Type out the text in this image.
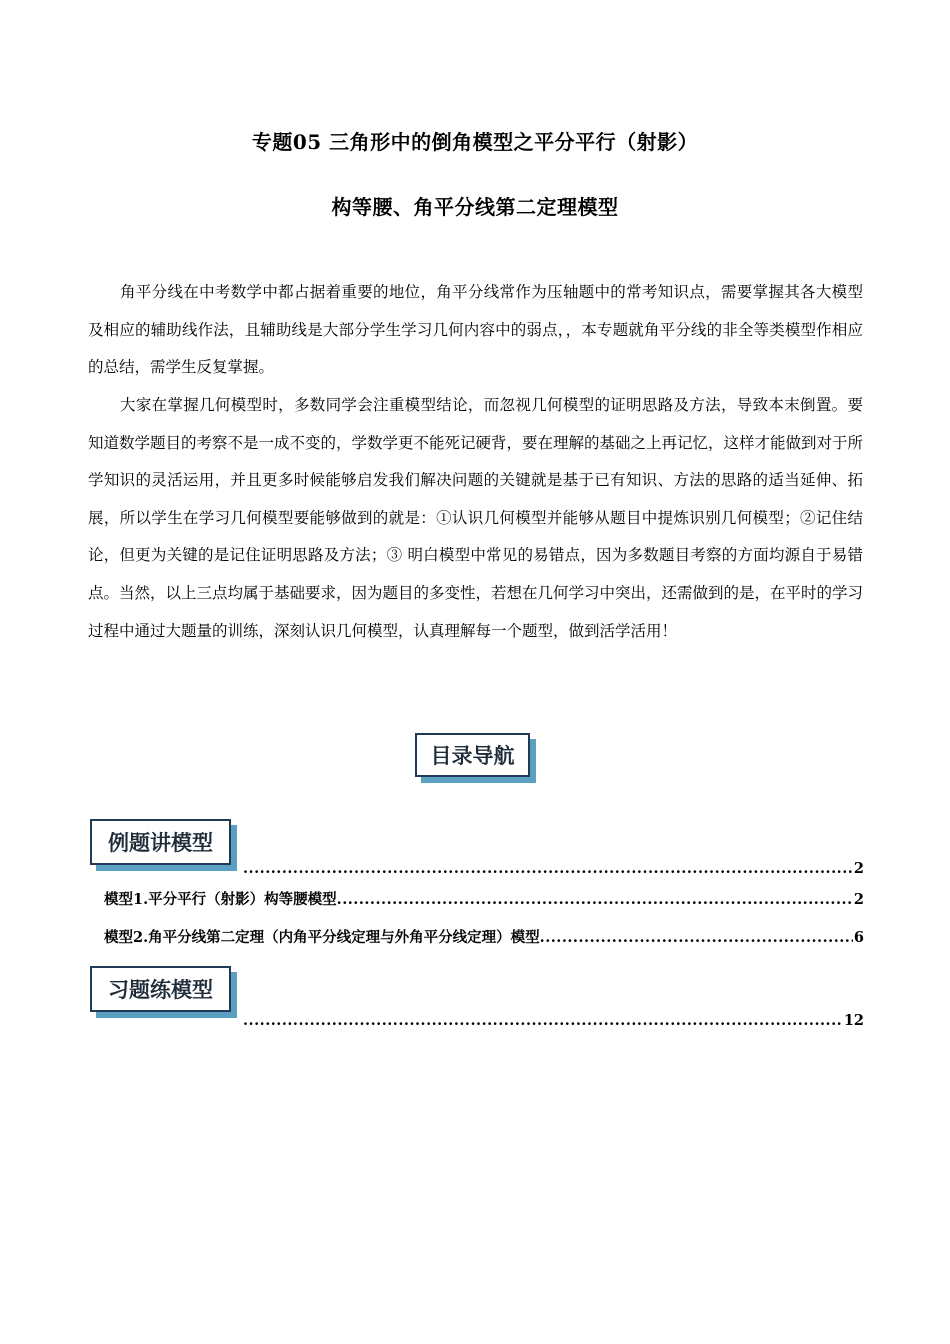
专题05 三角形中的倒角模型之平分平行（射影）
构等腰、角平分线第二定理模型

角平分线在中考数学中都占据着重要的地位，角平分线常作为压轴题中的常考知识点，需要掌握其各大模型及相应的辅助线作法，且辅助线是大部分学生学习几何内容中的弱点，，本专题就角平分线的非全等类模型作相应的总结，需学生反复掌握。

大家在掌握几何模型时，多数同学会注重模型结论，而忽视几何模型的证明思路及方法，导致本末倒置。要知道数学题目的考察不是一成不变的，学数学更不能死记硬背，要在理解的基础之上再记忆，这样才能做到对于所学知识的灵活运用，并且更多时候能够启发我们解决问题的关键就是基于已有知识、方法的思路的适当延伸、拓展，所以学生在学习几何模型要能够做到的就是：①认识几何模型并能够从题目中提炼识别几何模型；②记住结论，但更为关键的是记住证明思路及方法；③ 明白模型中常见的易错点，因为多数题目考察的方面均源自于易错点。当然，以上三点均属于基础要求，因为题目的多变性，若想在几何学习中突出，还需做到的是，在平时的学习过程中通过大题量的训练，深刻认识几何模型，认真理解每一个题型，做到活学活用！

目录导航
例题讲模型
.....
2
模型1.平分平行（射影）构等腰模型 .....	2
模型2.角平分线第二定理（内角平分线定理与外角平分线定理）模型 .....	6
习题练模型
.....
12
